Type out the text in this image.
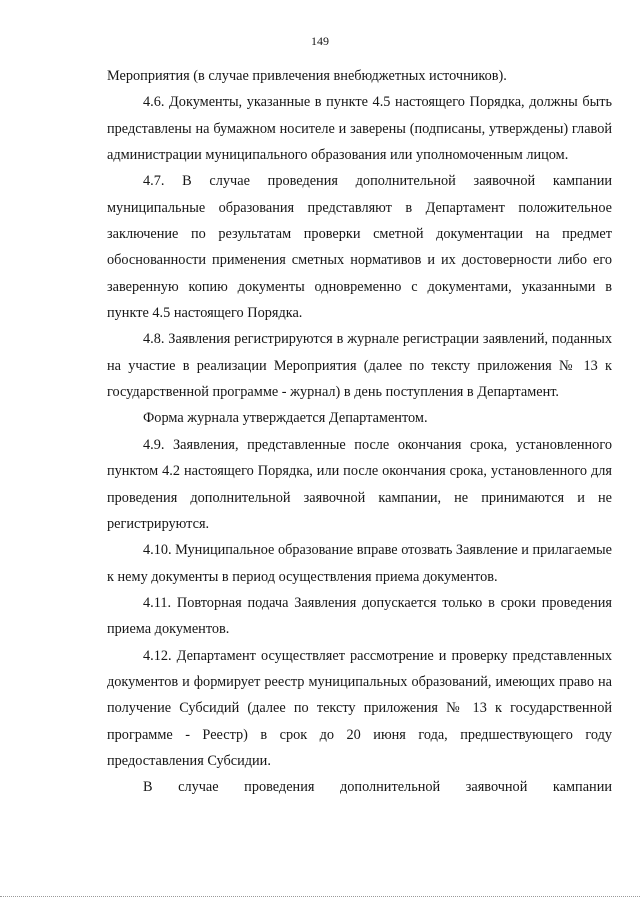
149

Мероприятия (в случае привлечения внебюджетных источников).

4.6. Документы, указанные в пункте 4.5 настоящего Порядка, должны быть представлены на бумажном носителе и заверены (подписаны, утверждены) главой администрации муниципального образования или уполномоченным лицом.

4.7. В случае проведения дополнительной заявочной кампании муниципальные образования представляют в Департамент положительное заключение по результатам проверки сметной документации на предмет обоснованности применения сметных нормативов и их достоверности либо его заверенную копию документы одновременно с документами, указанными в пункте 4.5 настоящего Порядка.

4.8. Заявления регистрируются в журнале регистрации заявлений, поданных на участие в реализации Мероприятия (далее по тексту приложения № 13 к государственной программе - журнал) в день поступления в Департамент.

Форма журнала утверждается Департаментом.

4.9. Заявления, представленные после окончания срока, установленного пунктом 4.2 настоящего Порядка, или после окончания срока, установленного для проведения дополнительной заявочной кампании, не принимаются и не регистрируются.

4.10. Муниципальное образование вправе отозвать Заявление и прилагаемые к нему документы в период осуществления приема документов.

4.11. Повторная подача Заявления допускается только в сроки проведения приема документов.

4.12. Департамент осуществляет рассмотрение и проверку представленных документов и формирует реестр муниципальных образований, имеющих право на получение Субсидий (далее по тексту приложения № 13 к государственной программе - Реестр) в срок до 20 июня года, предшествующего году предоставления Субсидии.

В случае проведения дополнительной заявочной кампании
